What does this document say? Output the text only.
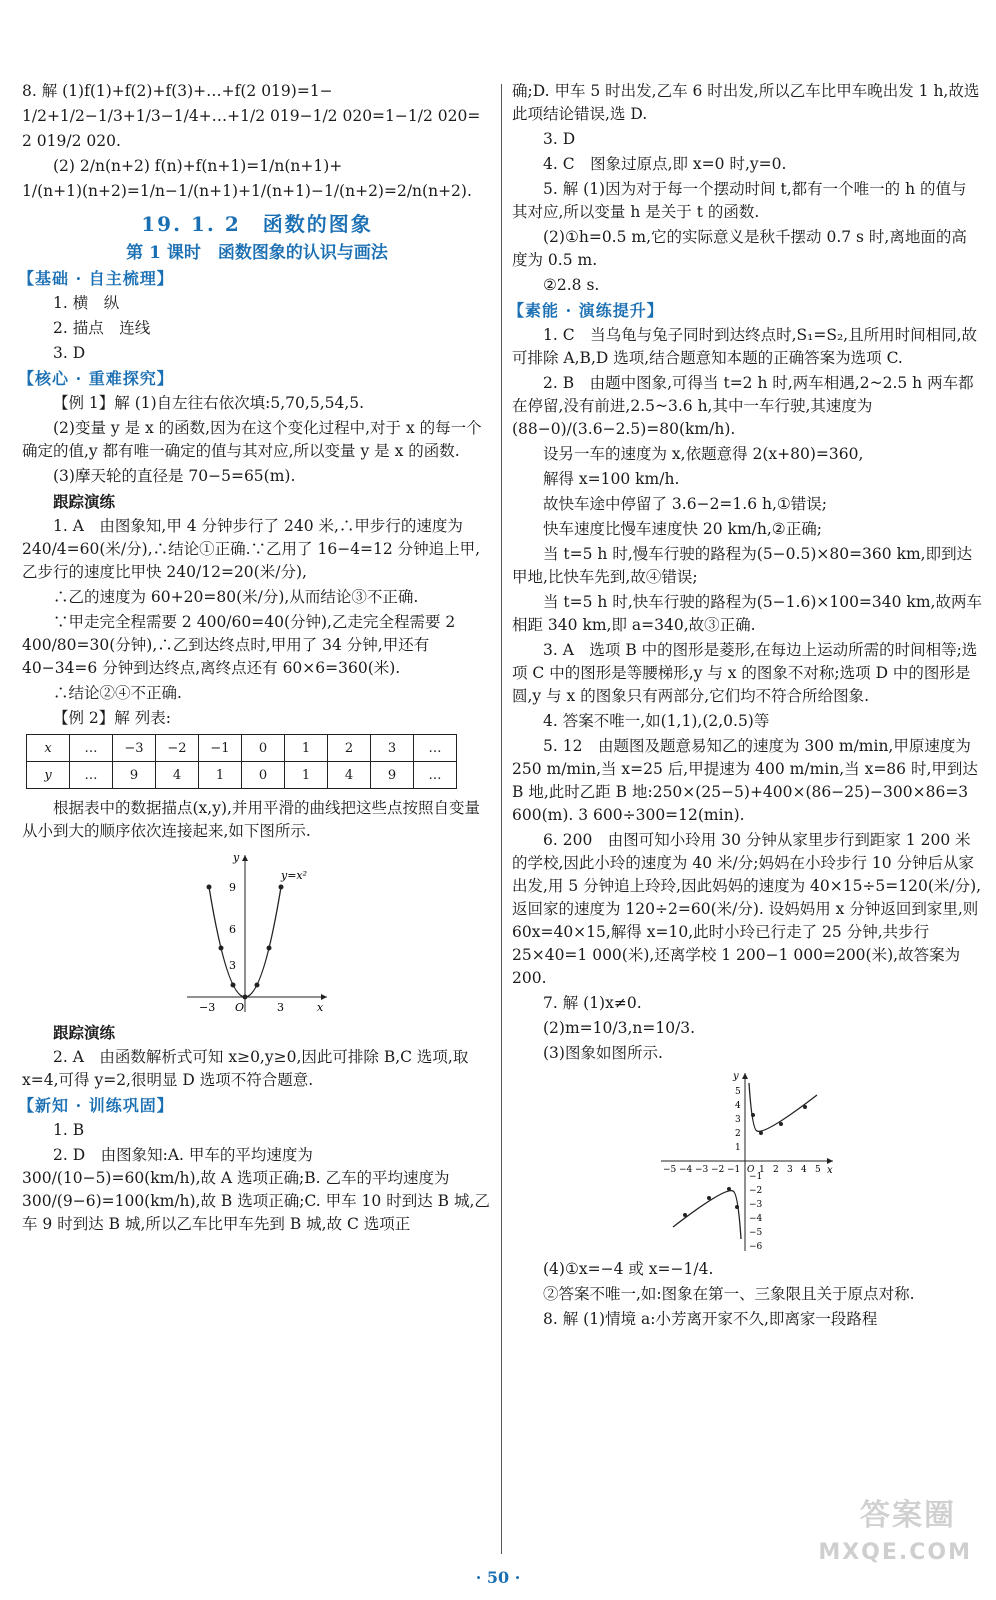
8. 解 (1)f(1)+f(2)+f(3)+…+f(2 019)=1−

1/2+1/2−1/3+1/3−1/4+…+1/2 019−1/2 020=1−1/2 020=

2 019/2 020.

(2) 2/n(n+2) f(n)+f(n+1)=1/n(n+1)+

1/(n+1)(n+2)=1/n−1/(n+1)+1/(n+1)−1/(n+2)=2/n(n+2).

19. 1. 2　函数的图象
第 1 课时　函数图象的认识与画法
【基础 · 自主梳理】

1. 横　纵

2. 描点　连线

3. D

【核心 · 重难探究】

【例 1】解 (1)自左往右依次填:5,70,5,54,5.

(2)变量 y 是 x 的函数,因为在这个变化过程中,对于 x 的每一个确定的值,y 都有唯一确定的值与其对应,所以变量 y 是 x 的函数.

(3)摩天轮的直径是 70−5=65(m).

跟踪演练

1. A　由图象知,甲 4 分钟步行了 240 米,∴甲步行的速度为 240/4=60(米/分),∴结论①正确.∵乙用了 16−4=12 分钟追上甲,乙步行的速度比甲快 240/12=20(米/分),

∴乙的速度为 60+20=80(米/分),从而结论③不正确.

∵甲走完全程需要 2 400/60=40(分钟),乙走完全程需要 2 400/80=30(分钟),∴乙到达终点时,甲用了 34 分钟,甲还有 40−34=6 分钟到达终点,离终点还有 60×6=360(米).

∴结论②④不正确.

【例 2】解 列表:

x	…	−3	−2	−1	0	1	2	3	…
y	…	9	4	1	0	1	4	9	…

根据表中的数据描点(x,y),并用平滑的曲线把这些点按照自变量从小到大的顺序依次连接起来,如下图所示.

y=x²
9
6
3
−3 O	3	x
y

跟踪演练

2. A　由函数解析式可知 x≥0,y≥0,因此可排除 B,C 选项,取 x=4,可得 y=2,很明显 D 选项不符合题意.

【新知 · 训练巩固】

1. B

2. D　由图象知:A. 甲车的平均速度为 300/(10−5)=60(km/h),故 A 选项正确;B. 乙车的平均速度为 300/(9−6)=100(km/h),故 B 选项正确;C. 甲车 10 时到达 B 城,乙车 9 时到达 B 城,所以乙车比甲车先到 B 城,故 C 选项正

确;D. 甲车 5 时出发,乙车 6 时出发,所以乙车比甲车晚出发 1 h,故选此项结论错误,选 D.

3. D

4. C　图象过原点,即 x=0 时,y=0.

5. 解 (1)因为对于每一个摆动时间 t,都有一个唯一的 h 的值与其对应,所以变量 h 是关于 t 的函数.

(2)①h=0.5 m,它的实际意义是秋千摆动 0.7 s 时,离地面的高度为 0.5 m.

②2.8 s.

【素能 · 演练提升】

1. C　当乌龟与兔子同时到达终点时,S₁=S₂,且所用时间相同,故可排除 A,B,D 选项,结合题意知本题的正确答案为选项 C.

2. B　由题中图象,可得当 t=2 h 时,两车相遇,2~2.5 h 两车都在停留,没有前进,2.5~3.6 h,其中一车行驶,其速度为 (88−0)/(3.6−2.5)=80(km/h).

设另一车的速度为 x,依题意得 2(x+80)=360,

解得 x=100 km/h.

故快车途中停留了 3.6−2=1.6 h,①错误;

快车速度比慢车速度快 20 km/h,②正确;

当 t=5 h 时,慢车行驶的路程为(5−0.5)×80=360 km,即到达甲地,比快车先到,故④错误;

当 t=5 h 时,快车行驶的路程为(5−1.6)×100=340 km,故两车相距 340 km,即 a=340,故③正确.

3. A　选项 B 中的图形是菱形,在每边上运动所需的时间相等;选项 C 中的图形是等腰梯形,y 与 x 的图象不对称;选项 D 中的图形是圆,y 与 x 的图象只有两部分,它们均不符合所给图象.

4. 答案不唯一,如(1,1),(2,0.5)等

5. 12　由题图及题意易知乙的速度为 300 m/min,甲原速度为 250 m/min,当 x=25 后,甲提速为 400 m/min,当 x=86 时,甲到达 B 地,此时乙距 B 地:250×(25−5)+400×(86−25)−300×86=3 600(m). 3 600÷300=12(min).

6. 200　由图可知小玲用 30 分钟从家里步行到距家 1 200 米的学校,因此小玲的速度为 40 米/分;妈妈在小玲步行 10 分钟后从家出发,用 5 分钟追上玲玲,因此妈妈的速度为 40×15÷5=120(米/分),返回家的速度为 120÷2=60(米/分). 设妈妈用 x 分钟返回到家里,则 60x=40×15,解得 x=10,此时小玲已行走了 25 分钟,共步行 25×40=1 000(米),还离学校 1 200−1 000=200(米),故答案为 200.

7. 解 (1)x≠0.

(2)m=10/3,n=10/3.

(3)图象如图所示.

−5 −4 −3 −2 −1 O 1 2 3 4 5
5
4
3
2
1
−1
−2
−3
−4
−5
−6
x
y

(4)①x=−4 或 x=−1/4.

②答案不唯一,如:图象在第一、三象限且关于原点对称.

8. 解 (1)情境 a:小芳离开家不久,即离家一段路程

答案圈
MXQE.COM
· 50 ·
